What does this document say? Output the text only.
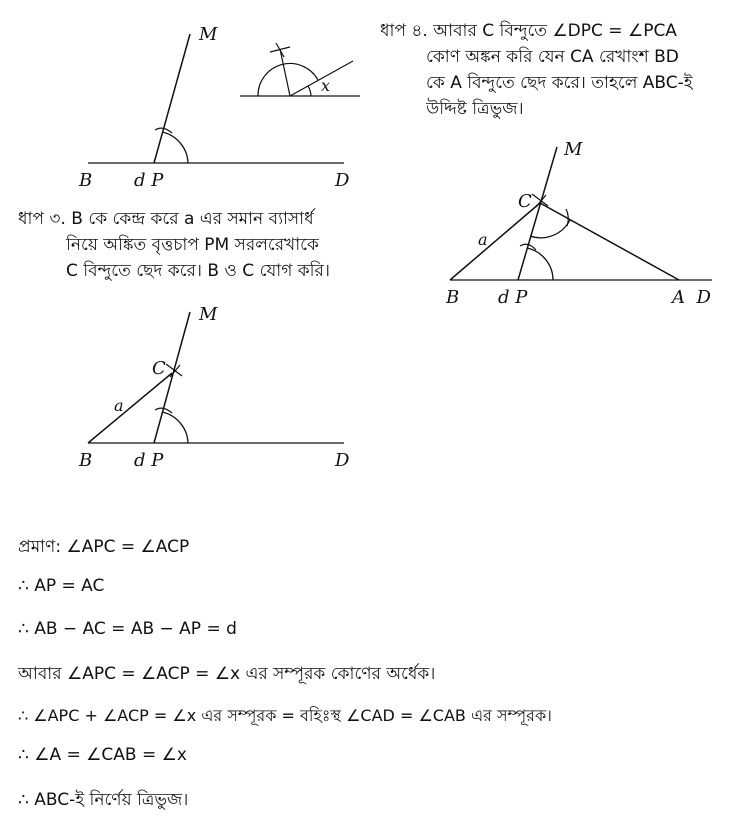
M
B d P	D
x
ধাপ ৪. আবার C বিন্দুতে ∠DPC = ∠PCA
কোণ অঙ্কন করি যেন CA রেখাংশ BD
কে A বিন্দুতে ছেদ করে। তাহলে ABC-ই
উদ্দিষ্ট ত্রিভুজ।
M
C
a
B d P	A  D
ধাপ ৩. B কে কেন্দ্র করে a এর সমান ব্যাসার্ধ
নিয়ে অঙ্কিত বৃত্তচাপ PM সরলরেখাকে
C বিন্দুতে ছেদ করে। B ও C যোগ করি।
M
C
a
B d P	D
প্রমাণ: ∠APC = ∠ACP
∴ AP = AC
∴ AB − AC = AB − AP = d
আবার ∠APC = ∠ACP = ∠x এর সম্পূরক কোণের অর্ধেক।
∴ ∠APC + ∠ACP = ∠x এর সম্পূরক = বহিঃস্থ ∠CAD = ∠CAB এর সম্পূরক।
∴ ∠A = ∠CAB = ∠x
∴ ABC-ই নির্ণেয় ত্রিভুজ।
